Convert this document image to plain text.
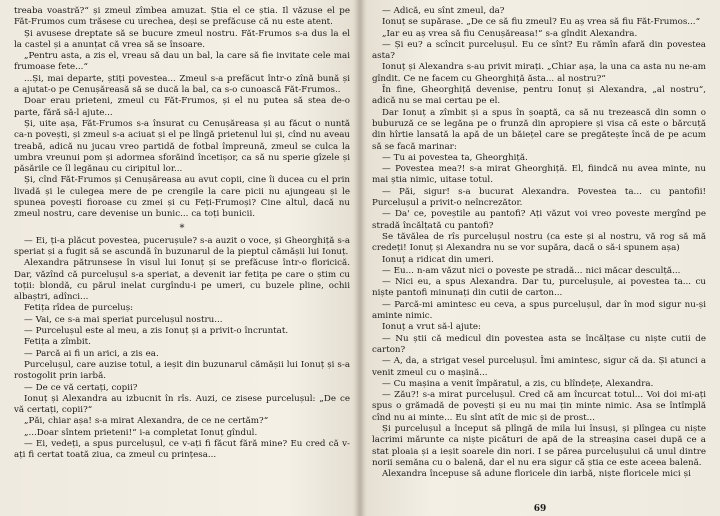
treaba voastră?“ și zmeul zîmbea amuzat. Știa el ce știa. Il văzuse el pe Făt-Frumos cum trăsese cu urechea, deși se prefăcuse că nu este atent.

Și avusese dreptate să se bucure zmeul nostru. Făt-Frumos s-a dus la el la castel și a anunțat că vrea să se însoare.

„Pentru asta, a zis el, vreau să dau un bal, la care să fie invitate cele mai frumoase fete...“

...Și, mai departe, știți povestea... Zmeul s-a prefăcut într-o zînă bună și a ajutat-o pe Cenușăreasă să se ducă la bal, ca s-o cunoască Făt-Frumos..

Doar erau prieteni, zmeul cu Făt-Frumos, și el nu putea să stea de-o parte, fără să-l ajute...

Și, uite așa, Făt-Frumos s-a însurat cu Cenușăreasa și au făcut o nuntă ca-n povești, și zmeul s-a aciuat și el pe lîngă prietenul lui și, cînd nu aveau treabă, adică nu jucau vreo partidă de fotbal împreună, zmeul se culca la umbra vreunui pom și adormea sforăind încetișor, ca să nu sperie gîzele și păsările ce îl legănau cu ciripitul lor...

Și, cînd Făt-Frumos și Cenușăreasa au avut copii, cine îi ducea cu el prin livadă și le culegea mere de pe crengile la care picii nu ajungeau și le spunea povești fioroase cu zmei și cu Feți-Frumoși? Cine altul, dacă nu zmeul nostru, care devenise un bunic... ca toți bunicii.

*

— Ei, ți-a plăcut povestea, pucerușule? s-a auzit o voce, și Gheorghiță s-a speriat și a fugit să se ascundă în buzunarul de la pieptul cămășii lui Ionuț.

Alexandra pătrunsese în visul lui Ionuț și se prefăcuse într-o floricică. Dar, văzînd că purcelușul s-a speriat, a devenit iar fetița pe care o știm cu toții: blondă, cu părul inelat curgîndu-i pe umeri, cu buzele pline, ochii albaștri, adînci...

Fetița rîdea de purceluș:

— Vai, ce s-a mai speriat purcelușul nostru...

— Purcelușul este al meu, a zis Ionuț și a privit-o încruntat.

Fetița a zîmbit.

— Parcă ai fi un arici, a zis ea.

Purcelușul, care auzise totul, a ieșit din buzunarul cămășii lui Ionuț și s-a rostogolit prin iarbă.

— De ce vă certați, copii?

Ionuț și Alexandra au izbucnit în rîs. Auzi, ce zisese purcelușul: „De ce vă certați, copii?“

„Păi, chiar așa! s-a mirat Alexandra, de ce ne certăm?“

„...Doar sîntem prieteni!“ i-a completat Ionuț gîndul.

— Ei, vedeți, a spus purcelușul, ce v-ați fi făcut fără mine? Eu cred că v-ați fi certat toată ziua, ca zmeul cu prințesa...

— Adică, eu sînt zmeul, da?

Ionuț se supărase. „De ce să fiu zmeul? Eu aș vrea să fiu Făt-Frumos...“

„Iar eu aș vrea să fiu Cenușăreasa!“ s-a gîndit Alexandra.

— Și eu? a scîncit purcelușul. Eu ce sînt? Eu rămîn afară din povestea asta?

Ionuț și Alexandra s-au privit mirați. „Chiar așa, la una ca asta nu ne-am gîndit. Ce ne facem cu Gheorghiță ăsta... al nostru?“

În fine, Gheorghiță devenise, pentru Ionuț și Alexandra, „al nostru“, adică nu se mai certau pe el.

Dar Ionuț a zîmbit și a spus în șoaptă, ca să nu trezească din somn o buburuză ce se legăna pe o frunză din apropiere și visa că este o bărcuță din hîrtie lansată la apă de un băiețel care se pregătește încă de pe acum să se facă marinar:

— Tu ai povestea ta, Gheorghiță.

— Povestea mea?! s-a mirat Gheorghiță. El, fiindcă nu avea minte, nu mai știa nimic, uitase totul.

— Păi, sigur! s-a bucurat Alexandra. Povestea ta... cu pantofii! Purcelușul a privit-o neîncrezător.

— Da' ce, poveștile au pantofi? Ați văzut voi vreo poveste mergînd pe stradă încălțată cu pantofi?

Se tăvălea de rîs purcelușul nostru (ca este și al nostru, vă rog să mă credeți! Ionuț și Alexandra nu se vor supăra, dacă o să-i spunem așa)

Ionuț a ridicat din umeri.

— Eu... n-am văzut nici o poveste pe stradă... nici măcar desculță...

— Nici eu, a spus Alexandra. Dar tu, purcelușule, ai povestea ta... cu niște pantofi minunați din cutii de carton...

— Parcă-mi amintesc eu ceva, a spus purcelușul, dar în mod sigur nu-și aminte nimic.

Ionuț a vrut să-l ajute:

— Nu știi că medicul din povestea asta se încălțase cu niște cutii de carton?

— A, da, a strigat vesel purcelușul. Îmi amintesc, sigur că da. Și atunci a venit zmeul cu o mașină...

— Cu mașina a venit împăratul, a zis, cu blîndețe, Alexandra.

— Zău?! s-a mirat purcelușul. Cred că am încurcat totul... Voi doi mi-ați spus o grămadă de povești și eu nu mai țin minte nimic. Asa se întîmplă cînd nu ai minte... Eu sînt atît de mic și de prost...

Și purcelușul a început să plîngă de mila lui însuși, și plîngea cu niște lacrimi mărunte ca niște picături de apă de la streașina casei după ce a stat ploaia și a ieșit soarele din nori. I se părea purcelușului că unul dintre norii semăna cu o balenă, dar el nu era sigur că știa ce este aceea balenă.

Alexandra începuse să adune floricele din iarbă, niște floricele mici și

69
